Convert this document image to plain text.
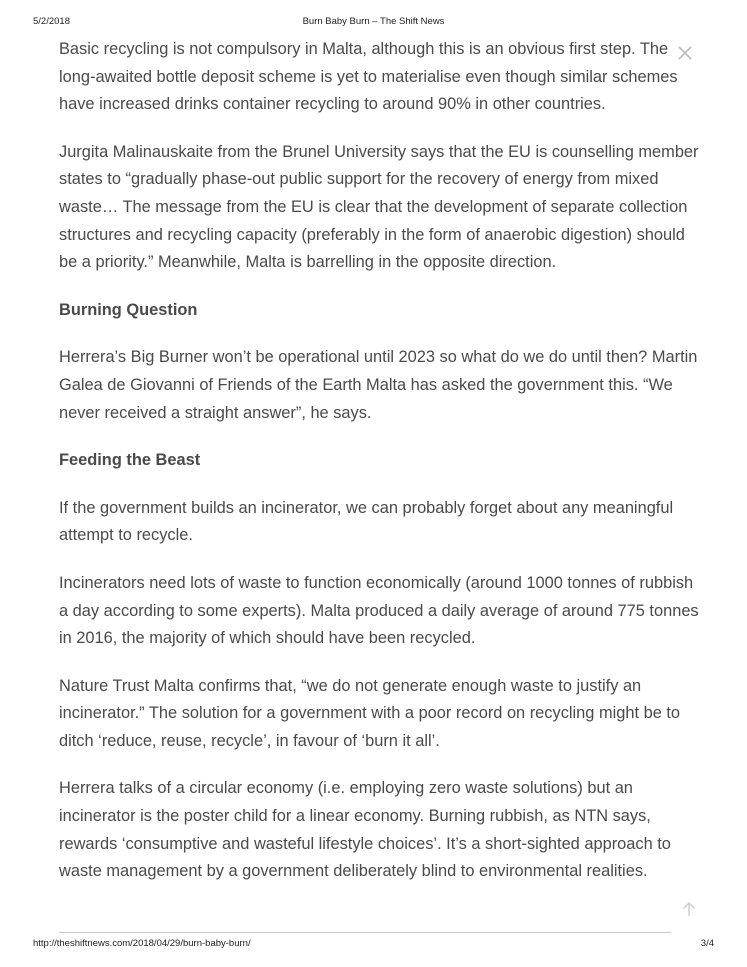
5/2/2018	Burn Baby Burn – The Shift News

Basic recycling is not compulsory in Malta, although this is an obvious first step. The long-awaited bottle deposit scheme is yet to materialise even though similar schemes have increased drinks container recycling to around 90% in other countries.

Jurgita Malinauskaite from the Brunel University says that the EU is counselling member states to “gradually phase-out public support for the recovery of energy from mixed waste… The message from the EU is clear that the development of separate collection structures and recycling capacity (preferably in the form of anaerobic digestion) should be a priority.” Meanwhile, Malta is barrelling in the opposite direction.

Burning Question

Herrera’s Big Burner won’t be operational until 2023 so what do we do until then? Martin Galea de Giovanni of Friends of the Earth Malta has asked the government this. “We never received a straight answer”, he says.

Feeding the Beast

If the government builds an incinerator, we can probably forget about any meaningful attempt to recycle.

Incinerators need lots of waste to function economically (around 1000 tonnes of rubbish a day according to some experts). Malta produced a daily average of around 775 tonnes in 2016, the majority of which should have been recycled.

Nature Trust Malta confirms that, “we do not generate enough waste to justify an incinerator.” The solution for a government with a poor record on recycling might be to ditch ‘reduce, reuse, recycle’, in favour of ‘burn it all’.

Herrera talks of a circular economy (i.e. employing zero waste solutions) but an incinerator is the poster child for a linear economy. Burning rubbish, as NTN says, rewards ‘consumptive and wasteful lifestyle choices’. It’s a short-sighted approach to waste management by a government deliberately blind to environmental realities.

http://theshiftnews.com/2018/04/29/burn-baby-burn/	3/4
